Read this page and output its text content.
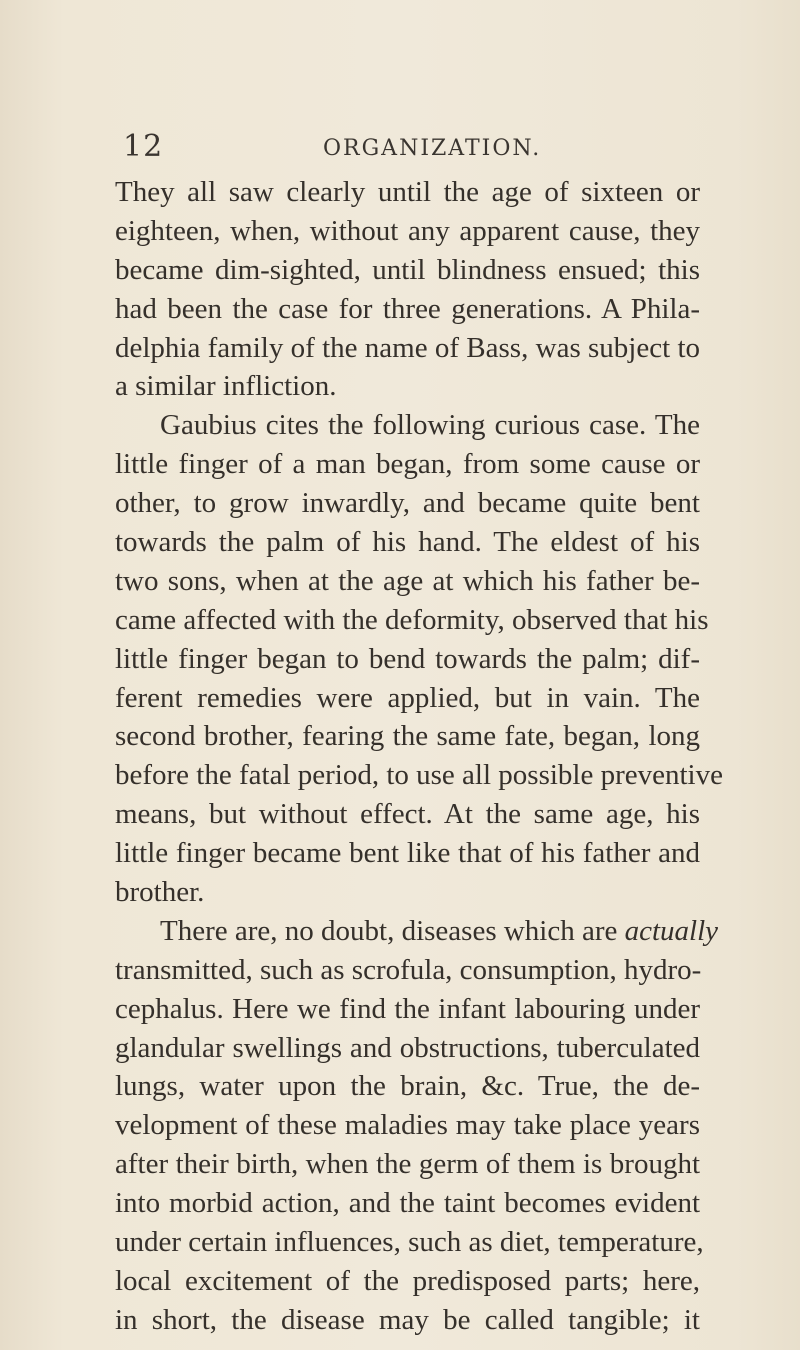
12	ORGANIZATION.
They all saw clearly until the age of sixteen or
eighteen, when, without any apparent cause, they
became dim-sighted, until blindness ensued; this
had been the case for three generations. A Phila-
delphia family of the name of Bass, was subject to
a similar infliction.
Gaubius cites the following curious case. The
little finger of a man began, from some cause or
other, to grow inwardly, and became quite bent
towards the palm of his hand. The eldest of his
two sons, when at the age at which his father be-
came affected with the deformity, observed that his
little finger began to bend towards the palm; dif-
ferent remedies were applied, but in vain. The
second brother, fearing the same fate, began, long
before the fatal period, to use all possible preventive
means, but without effect. At the same age, his
little finger became bent like that of his father and
brother.
There are, no doubt, diseases which are actually
transmitted, such as scrofula, consumption, hydro-
cephalus. Here we find the infant labouring under
glandular swellings and obstructions, tuberculated
lungs, water upon the brain, &c. True, the de-
velopment of these maladies may take place years
after their birth, when the germ of them is brought
into morbid action, and the taint becomes evident
under certain influences, such as diet, temperature,
local excitement of the predisposed parts; here,
in short, the disease may be called tangible; it
